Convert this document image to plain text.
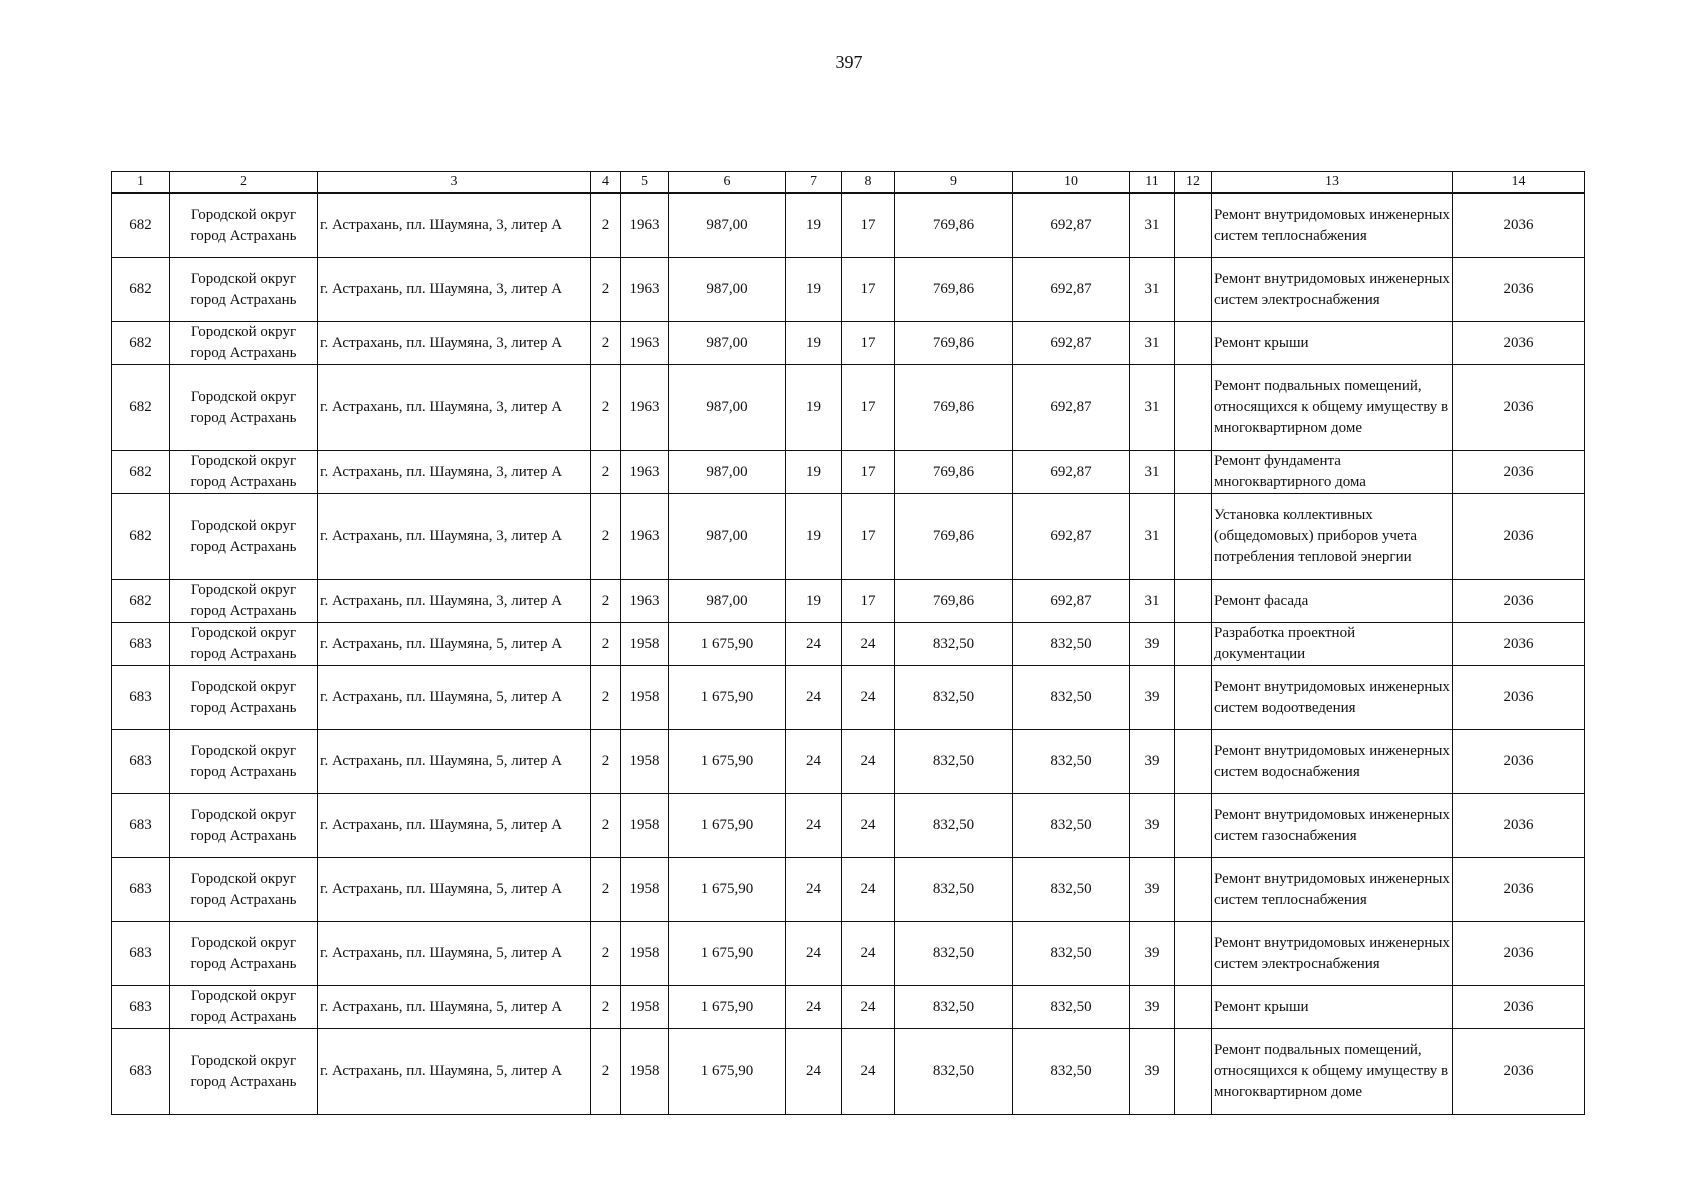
397
1	2	3	4	5	6	7	8	9	10	11	12	13	14
682	Городской округ город Астрахань	г. Астрахань, пл. Шаумяна, 3, литер А	2	1963	987,00	19	17	769,86	692,87	31		Ремонт внутридомовых инженерных систем теплоснабжения	2036
682	Городской округ город Астрахань	г. Астрахань, пл. Шаумяна, 3, литер А	2	1963	987,00	19	17	769,86	692,87	31		Ремонт внутридомовых инженерных систем электроснабжения	2036
682	Городской округ город Астрахань	г. Астрахань, пл. Шаумяна, 3, литер А	2	1963	987,00	19	17	769,86	692,87	31		Ремонт крыши	2036
682	Городской округ город Астрахань	г. Астрахань, пл. Шаумяна, 3, литер А	2	1963	987,00	19	17	769,86	692,87	31		Ремонт подвальных помещений, относящихся к общему имуществу в многоквартирном доме	2036
682	Городской округ город Астрахань	г. Астрахань, пл. Шаумяна, 3, литер А	2	1963	987,00	19	17	769,86	692,87	31		Ремонт фундамента многоквартирного дома	2036
682	Городской округ город Астрахань	г. Астрахань, пл. Шаумяна, 3, литер А	2	1963	987,00	19	17	769,86	692,87	31		Установка коллективных (общедомовых) приборов учета потребления тепловой энергии	2036
682	Городской округ город Астрахань	г. Астрахань, пл. Шаумяна, 3, литер А	2	1963	987,00	19	17	769,86	692,87	31		Ремонт фасада	2036
683	Городской округ город Астрахань	г. Астрахань, пл. Шаумяна, 5, литер А	2	1958	1 675,90	24	24	832,50	832,50	39		Разработка проектной документации	2036
683	Городской округ город Астрахань	г. Астрахань, пл. Шаумяна, 5, литер А	2	1958	1 675,90	24	24	832,50	832,50	39		Ремонт внутридомовых инженерных систем водоотведения	2036
683	Городской округ город Астрахань	г. Астрахань, пл. Шаумяна, 5, литер А	2	1958	1 675,90	24	24	832,50	832,50	39		Ремонт внутридомовых инженерных систем водоснабжения	2036
683	Городской округ город Астрахань	г. Астрахань, пл. Шаумяна, 5, литер А	2	1958	1 675,90	24	24	832,50	832,50	39		Ремонт внутридомовых инженерных систем газоснабжения	2036
683	Городской округ город Астрахань	г. Астрахань, пл. Шаумяна, 5, литер А	2	1958	1 675,90	24	24	832,50	832,50	39		Ремонт внутридомовых инженерных систем теплоснабжения	2036
683	Городской округ город Астрахань	г. Астрахань, пл. Шаумяна, 5, литер А	2	1958	1 675,90	24	24	832,50	832,50	39		Ремонт внутридомовых инженерных систем электроснабжения	2036
683	Городской округ город Астрахань	г. Астрахань, пл. Шаумяна, 5, литер А	2	1958	1 675,90	24	24	832,50	832,50	39		Ремонт крыши	2036
683	Городской округ город Астрахань	г. Астрахань, пл. Шаумяна, 5, литер А	2	1958	1 675,90	24	24	832,50	832,50	39		Ремонт подвальных помещений, относящихся к общему имуществу в многоквартирном доме	2036
